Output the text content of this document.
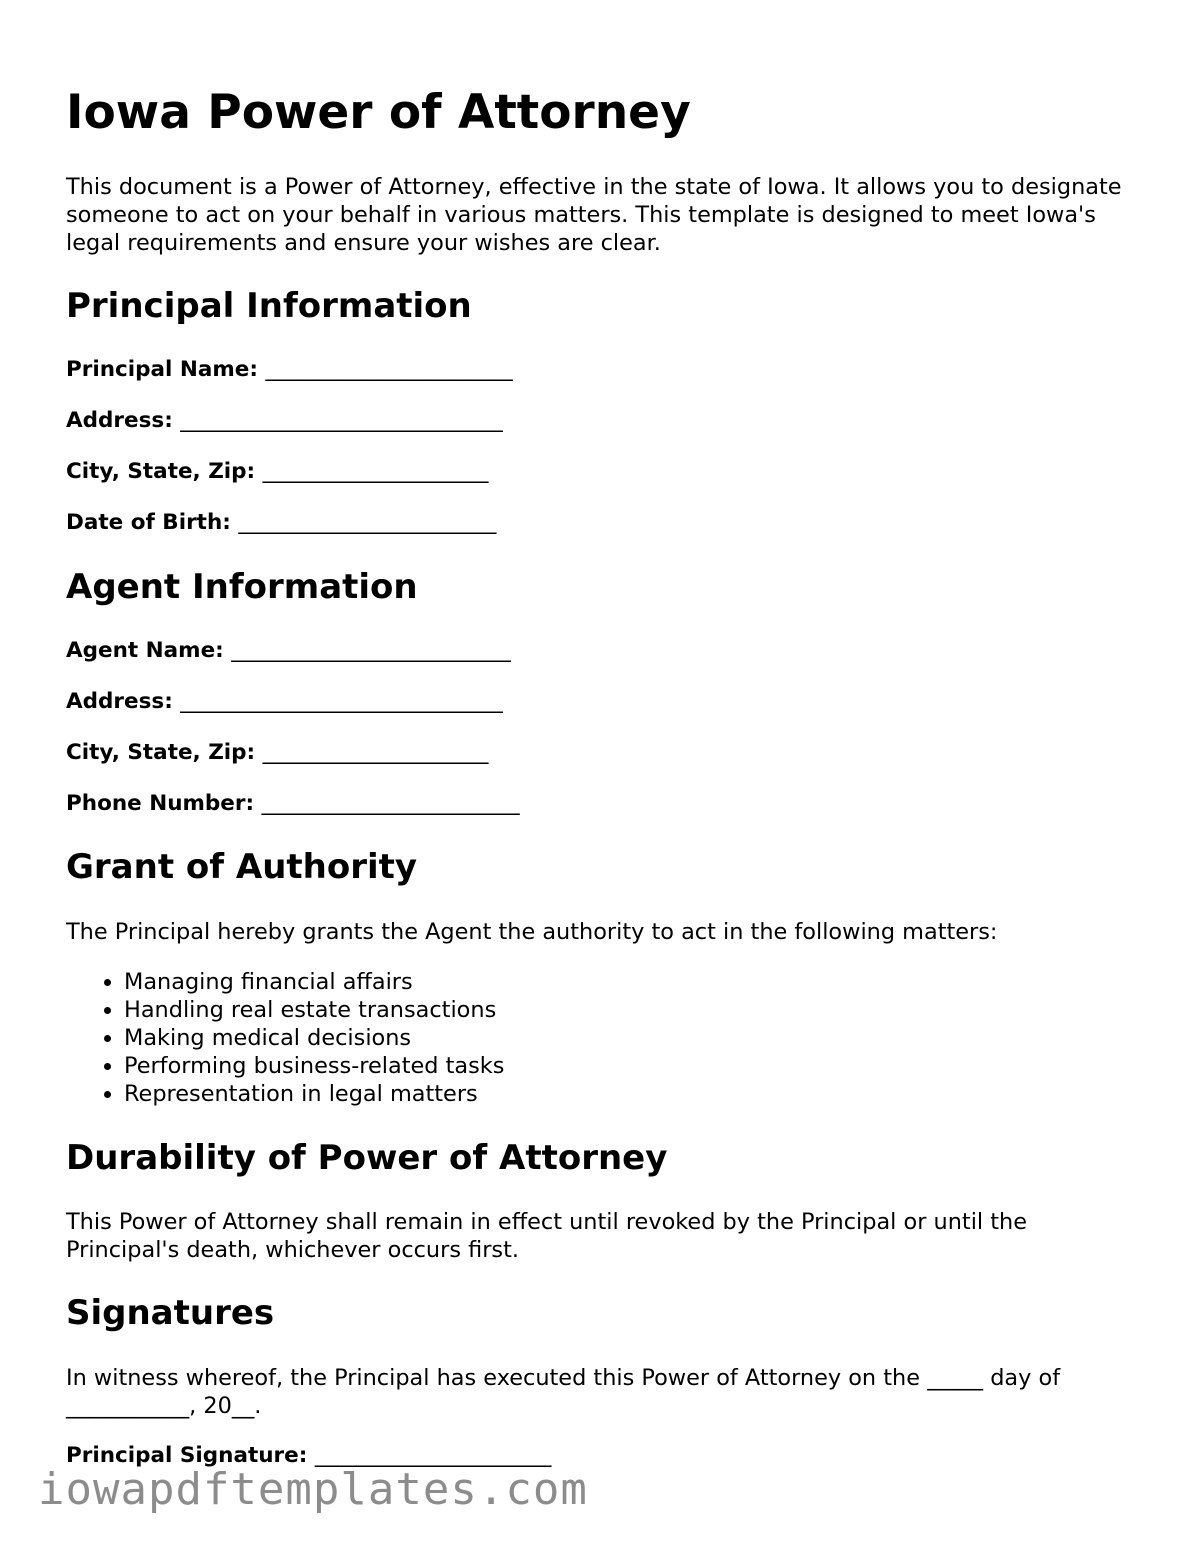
Iowa Power of Attorney

This document is a Power of Attorney, effective in the state of Iowa. It allows you to designate someone to act on your behalf in various matters. This template is designed to meet Iowa's legal requirements and ensure your wishes are clear.

Principal Information
Principal Name: _______________________
Address: ______________________________
City, State, Zip: _____________________
Date of Birth: ________________________
Agent Information
Agent Name: __________________________
Address: ______________________________
City, State, Zip: _____________________
Phone Number: ________________________
Grant of Authority

The Principal hereby grants the Agent the authority to act in the following matters:

• Managing financial affairs
• Handling real estate transactions
• Making medical decisions
• Performing business-related tasks
• Representation in legal matters
Durability of Power of Attorney

This Power of Attorney shall remain in effect until revoked by the Principal or until the Principal's death, whichever occurs first.

Signatures

In witness whereof, the Principal has executed this Power of Attorney on the _____ day of ___________, 20__.

Principal Signature: ______________________
iowapdftemplates.com
